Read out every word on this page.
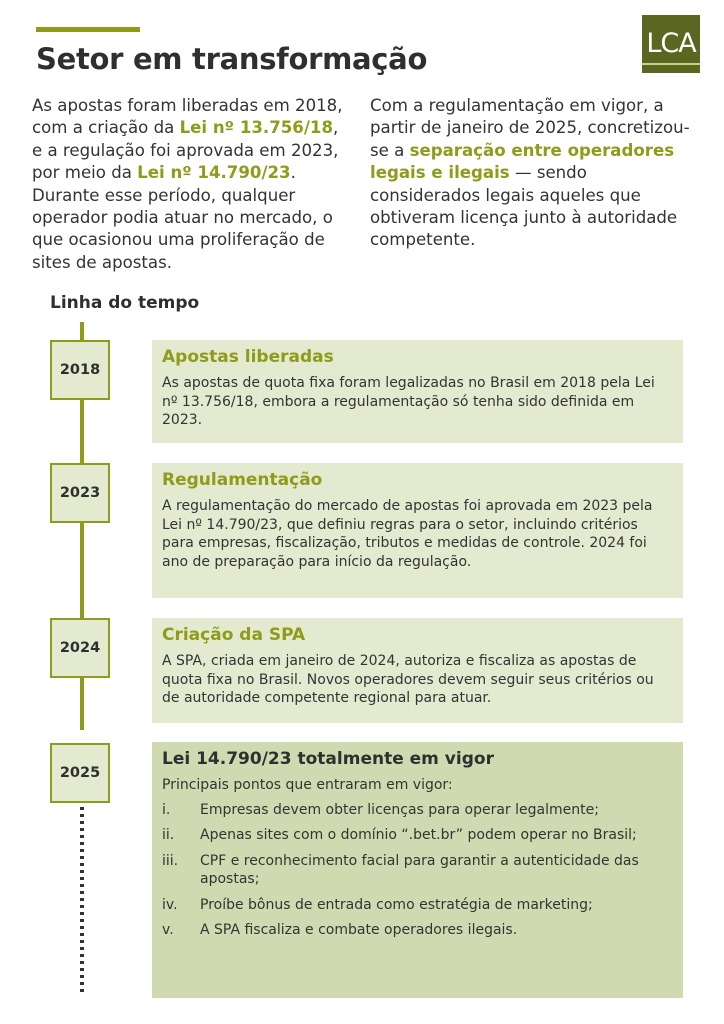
Setor em transformação	LCA

As apostas foram liberadas em 2018, com a criação da Lei nº 13.756/18, e a regulação foi aprovada em 2023, por meio da Lei nº 14.790/23. Durante esse período, qualquer operador podia atuar no mercado, o que ocasionou uma proliferação de sites de apostas.

Com a regulamentação em vigor, a partir de janeiro de 2025, concretizou-se a separação entre operadores legais e ilegais — sendo considerados legais aqueles que obtiveram licença junto à autoridade competente.

Linha do tempo
2018
Apostas liberadas

As apostas de quota fixa foram legalizadas no Brasil em 2018 pela Lei nº 13.756/18, embora a regulamentação só tenha sido definida em 2023.

2023
Regulamentação

A regulamentação do mercado de apostas foi aprovada em 2023 pela Lei nº 14.790/23, que definiu regras para o setor, incluindo critérios para empresas, fiscalização, tributos e medidas de controle. 2024 foi ano de preparação para início da regulação.

2024
Criação da SPA

A SPA, criada em janeiro de 2024, autoriza e fiscaliza as apostas de quota fixa no Brasil. Novos operadores devem seguir seus critérios ou de autoridade competente regional para atuar.

2025
Lei 14.790/23 totalmente em vigor

Principais pontos que entraram em vigor:

i. Empresas devem obter licenças para operar legalmente;
ii. Apenas sites com o domínio “.bet.br” podem operar no Brasil;
iii. CPF e reconhecimento facial para garantir a autenticidade das apostas;
iv. Proíbe bônus de entrada como estratégia de marketing;
v. A SPA fiscaliza e combate operadores ilegais.
